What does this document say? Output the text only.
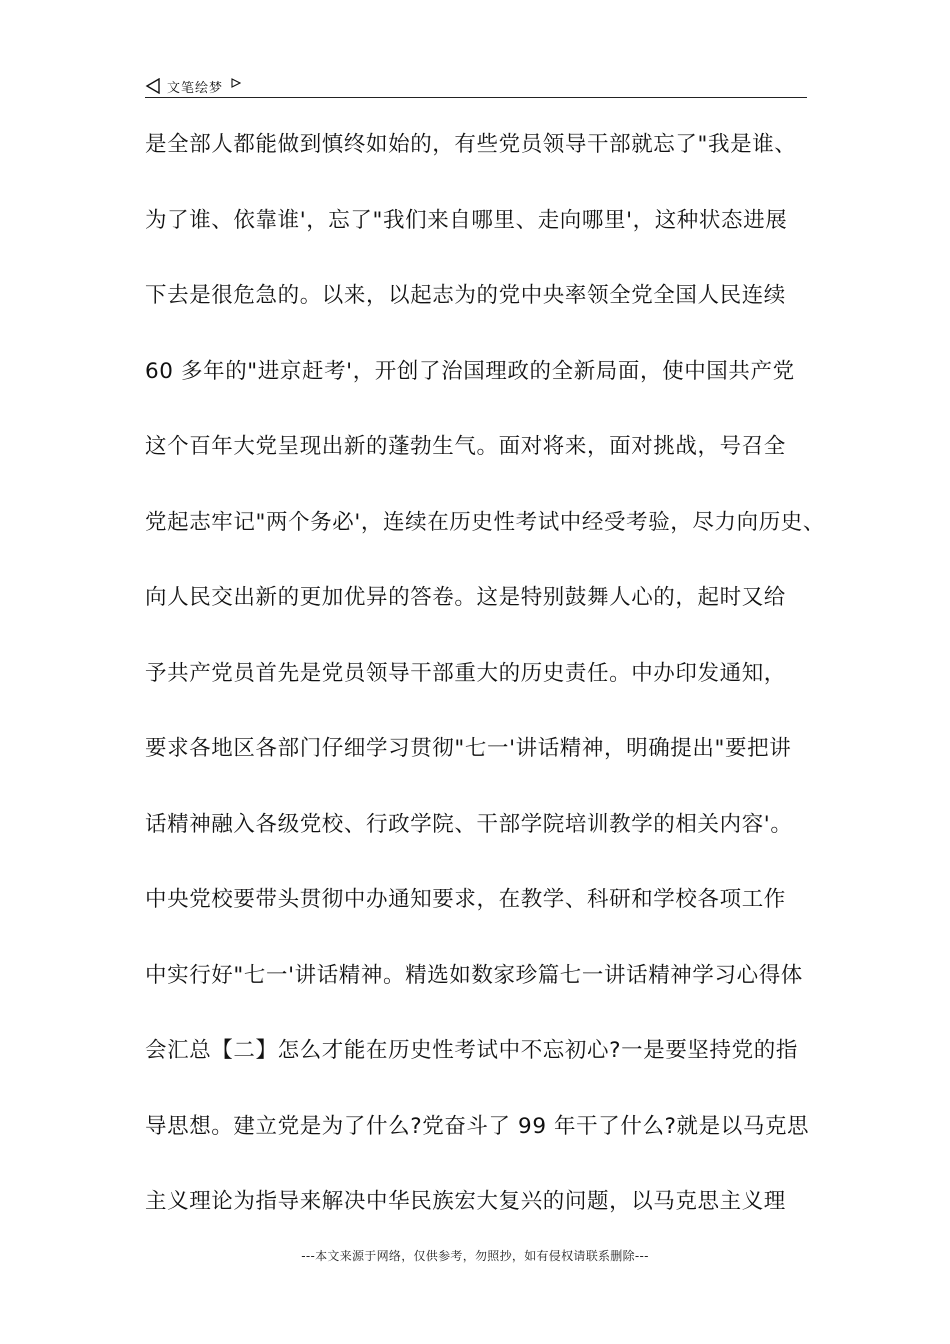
文笔绘梦
是全部人都能做到慎终如始的，有些党员领导干部就忘了"我是谁、
为了谁、依靠谁'，忘了"我们来自哪里、走向哪里'，这种状态进展
下去是很危急的。以来，以起志为的党中央率领全党全国人民连续
60 多年的"进京赶考'，开创了治国理政的全新局面，使中国共产党
这个百年大党呈现出新的蓬勃生气。面对将来，面对挑战，号召全
党起志牢记"两个务必'，连续在历史性考试中经受考验，尽力向历史、
向人民交出新的更加优异的答卷。这是特别鼓舞人心的，起时又给
予共产党员首先是党员领导干部重大的历史责任。中办印发通知，
要求各地区各部门仔细学习贯彻"七一'讲话精神，明确提出"要把讲
话精神融入各级党校、行政学院、干部学院培训教学的相关内容'。
中央党校要带头贯彻中办通知要求，在教学、科研和学校各项工作
中实行好"七一'讲话精神。精选如数家珍篇七一讲话精神学习心得体
会汇总【二】怎么才能在历史性考试中不忘初心?一是要坚持党的指
导思想。建立党是为了什么?党奋斗了 99 年干了什么?就是以马克思
主义理论为指导来解决中华民族宏大复兴的问题，以马克思主义理
---本文来源于网络，仅供参考，勿照抄，如有侵权请联系删除---
